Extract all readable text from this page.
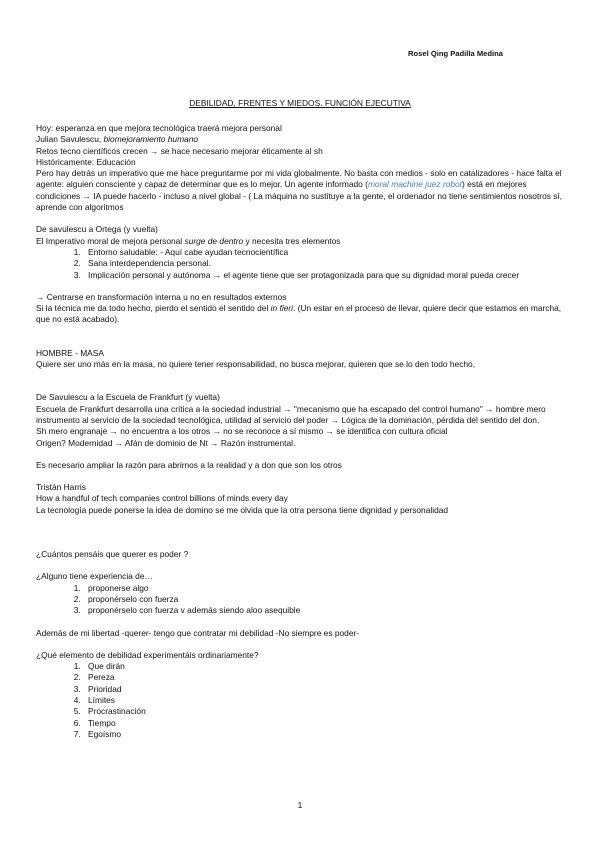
Rosel Qing Padilla Medina
DEBILIDAD, FRENTES Y MIEDOS. FUNCIÓN EJECUTIVA

Hoy: esperanza en que mejora tecnológica traerá mejora personal

Julian Savulescu, biomejoramiento humano

Retos tecno científicos crecen → se hace necesario mejorar éticamente al sh

Históricamente: Educación

Pero hay detrás un imperativo que me hace preguntarme por mi vida globalmente. No basta con medios - solo en catalizadores - hace falta el agente: alguien consciente y capaz de determinar que es lo mejor. Un agente informado (moral machine juez robot) está en mejores condiciones → IA puede hacerlo - incluso a nivel global - ( La máquina no sustituye a la gente, el ordenador no tiene sentimientos nosotros sí, aprende con algoritmos

De savulescu a Ortega (y vuelta)

El Imperativo moral de mejora personal surge de dentro y necesita tres elementos

1. Entorno saludable: - Aquí cabe ayudan tecnocientífica
2. Sana interdependencia personal.
3. Implicación personal y autónoma → el agente tiene que ser protagonizada para que su dignidad moral pueda crecer

→ Centrarse en transformación interna u no en resultados externos

Si la técnica me da todo hecho, pierdo el sentido el sentido del in fieri. (Un estar en el proceso de llevar, quiere decir que estamos en marcha, que no está acabado).

HOMBRE - MASA

Quiere ser uno más en la masa, no quiere tener responsabilidad, no busca mejorar, quieren que se lo den todo hecho,

De Savulescu a la Escuela de Frankfurt (y vuelta)

Escuela de Frankfurt desarrolla una crítica a la sociedad industrial → "mecanismo que ha escapado del control humano" → hombre mero instrumento al servicio de la sociedad tecnológica, utilidad al servicio del poder → Lógica de la dominación, pérdida del sentido del don.

Sh mero engranaje → no encuentra a los otros → no se reconoce a sí mismo → se identifica con cultura oficial

Origen? Modernidad → Afán de dominio de Nt → Razón instrumental.

Es necesario ampliar la razón para abrirnos a la realidad y a don que son los otros

Tristán Harris

How a handful of tech companies control billions of minds every day

La tecnología puede ponerse la idea de domino se me olvida que la otra persona tiene dignidad y personalidad

¿Cuántos pensáis que querer es poder ?

¿Alguno tiene experiencia de…

1. proponerse algo
2. proponérselo con fuerza
3. proponérselo con fuerza v además siendo aloo asequible

Además de mi libertad -querer- tengo que contratar mi debilidad -No siempre es poder-

¿Qué elemento de debilidad experimentáis ordinariamente?

1. Que dirán
2. Pereza
3. Prioridad
4. Límites
5. Procrastinación
6. Tiempo
7. Egoísmo
1
